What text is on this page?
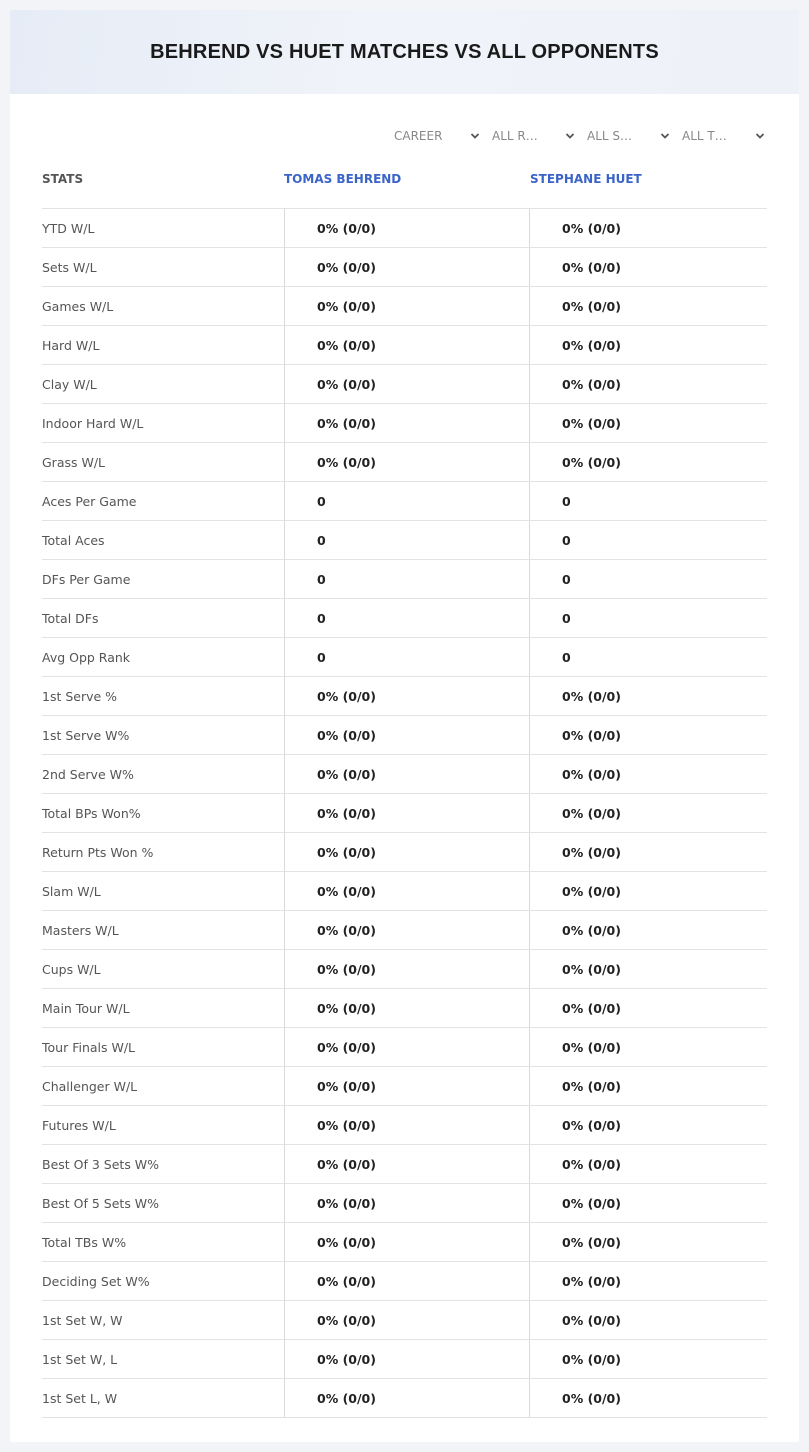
BEHREND VS HUET MATCHES VS ALL OPPONENTS
CAREER	ALL R…	ALL S…	ALL T…
STATS	TOMAS BEHREND	STEPHANE HUET
YTD W/L	0% (0/0)	0% (0/0)
Sets W/L	0% (0/0)	0% (0/0)
Games W/L	0% (0/0)	0% (0/0)
Hard W/L	0% (0/0)	0% (0/0)
Clay W/L	0% (0/0)	0% (0/0)
Indoor Hard W/L	0% (0/0)	0% (0/0)
Grass W/L	0% (0/0)	0% (0/0)
Aces Per Game	0	0
Total Aces	0	0
DFs Per Game	0	0
Total DFs	0	0
Avg Opp Rank	0	0
1st Serve %	0% (0/0)	0% (0/0)
1st Serve W%	0% (0/0)	0% (0/0)
2nd Serve W%	0% (0/0)	0% (0/0)
Total BPs Won%	0% (0/0)	0% (0/0)
Return Pts Won %	0% (0/0)	0% (0/0)
Slam W/L	0% (0/0)	0% (0/0)
Masters W/L	0% (0/0)	0% (0/0)
Cups W/L	0% (0/0)	0% (0/0)
Main Tour W/L	0% (0/0)	0% (0/0)
Tour Finals W/L	0% (0/0)	0% (0/0)
Challenger W/L	0% (0/0)	0% (0/0)
Futures W/L	0% (0/0)	0% (0/0)
Best Of 3 Sets W%	0% (0/0)	0% (0/0)
Best Of 5 Sets W%	0% (0/0)	0% (0/0)
Total TBs W%	0% (0/0)	0% (0/0)
Deciding Set W%	0% (0/0)	0% (0/0)
1st Set W, W	0% (0/0)	0% (0/0)
1st Set W, L	0% (0/0)	0% (0/0)
1st Set L, W	0% (0/0)	0% (0/0)
